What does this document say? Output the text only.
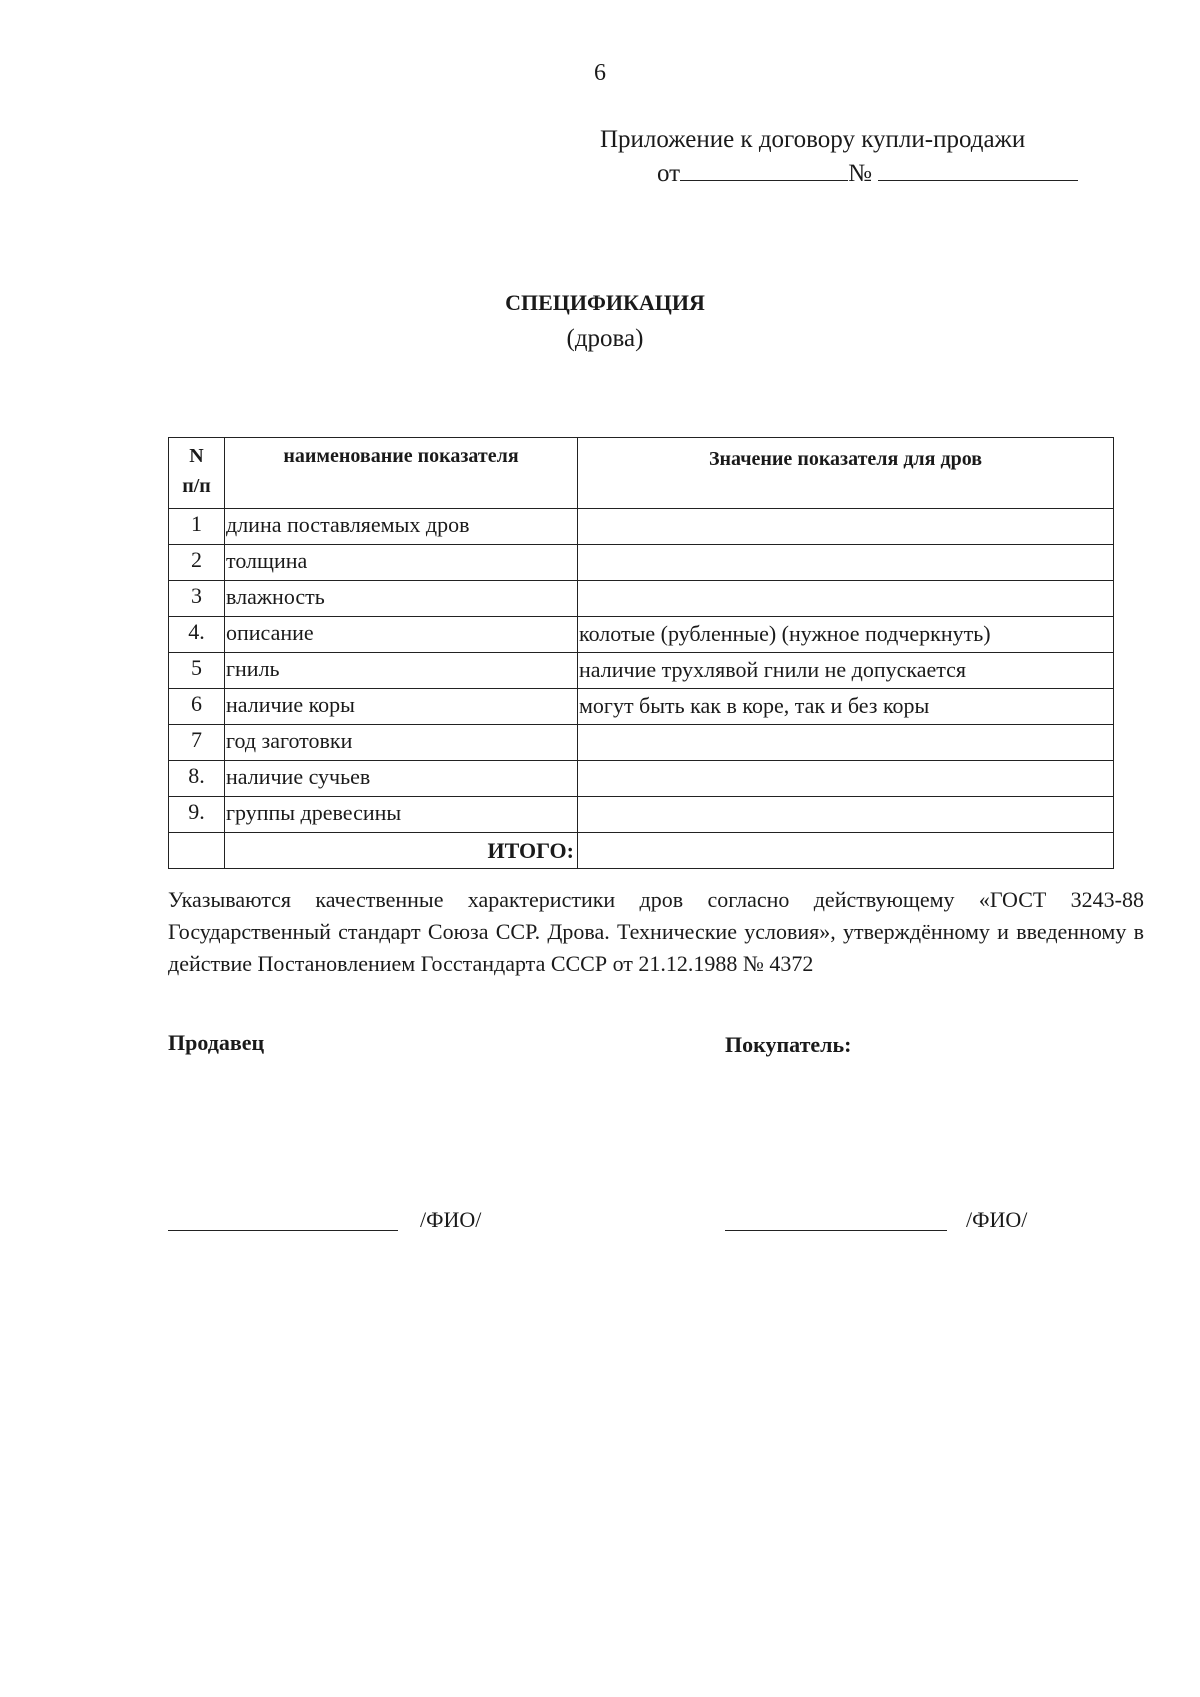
6
Приложение к договору купли-продажи
от	№
СПЕЦИФИКАЦИЯ
(дрова)
N
п/п	наименование показателя	Значение показателя для дров
1	длина поставляемых дров	
2	толщина	
3	влажность	
4.	описание	колотые (рубленные) (нужное подчеркнуть)
5	гниль	наличие трухлявой гнили не допускается
6	наличие коры	могут быть как в коре, так и без коры
7	год заготовки	
8.	наличие сучьев	
9.	группы древесины	
	ИТОГО:	
Указываются качественные характеристики дров согласно действующему «ГОСТ 3243-88 Государственный стандарт Союза ССР. Дрова. Технические условия», утверждённому и введенному в действие Постановлением Госстандарта СССР от 21.12.1988 № 4372
Продавец	Покупатель:
/ФИО/	/ФИО/
